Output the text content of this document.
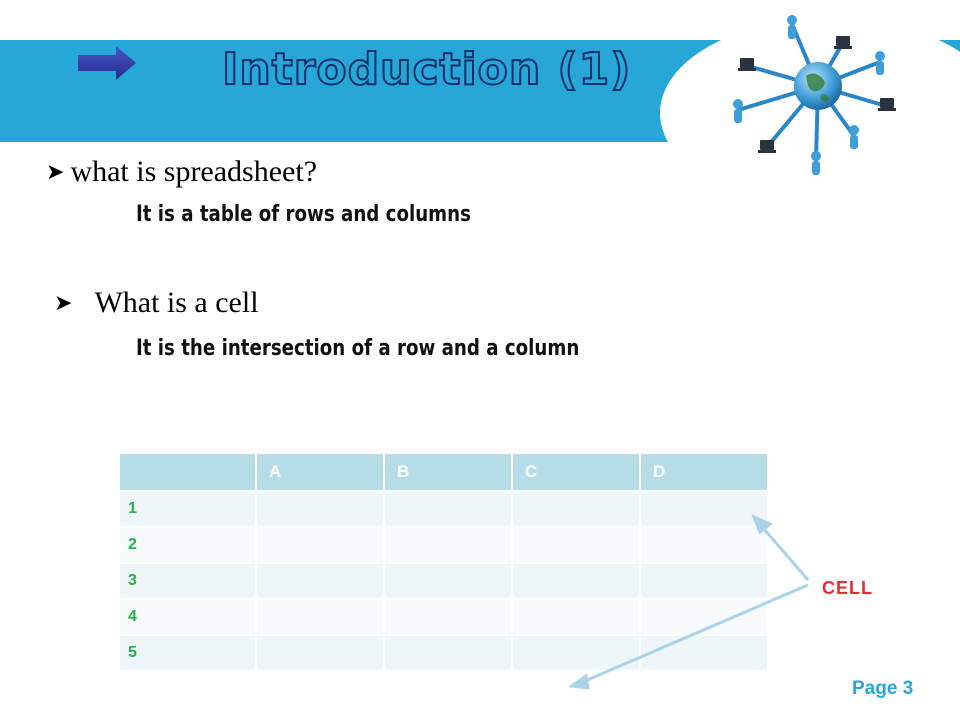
Introduction (1)
➤ what is spreadsheet?
It is a table of rows and columns
➤ What is a cell
It is the intersection of a row and a column
	A	B	C	D
1				
2				
3				
4				
5				
CELL
Page 3
